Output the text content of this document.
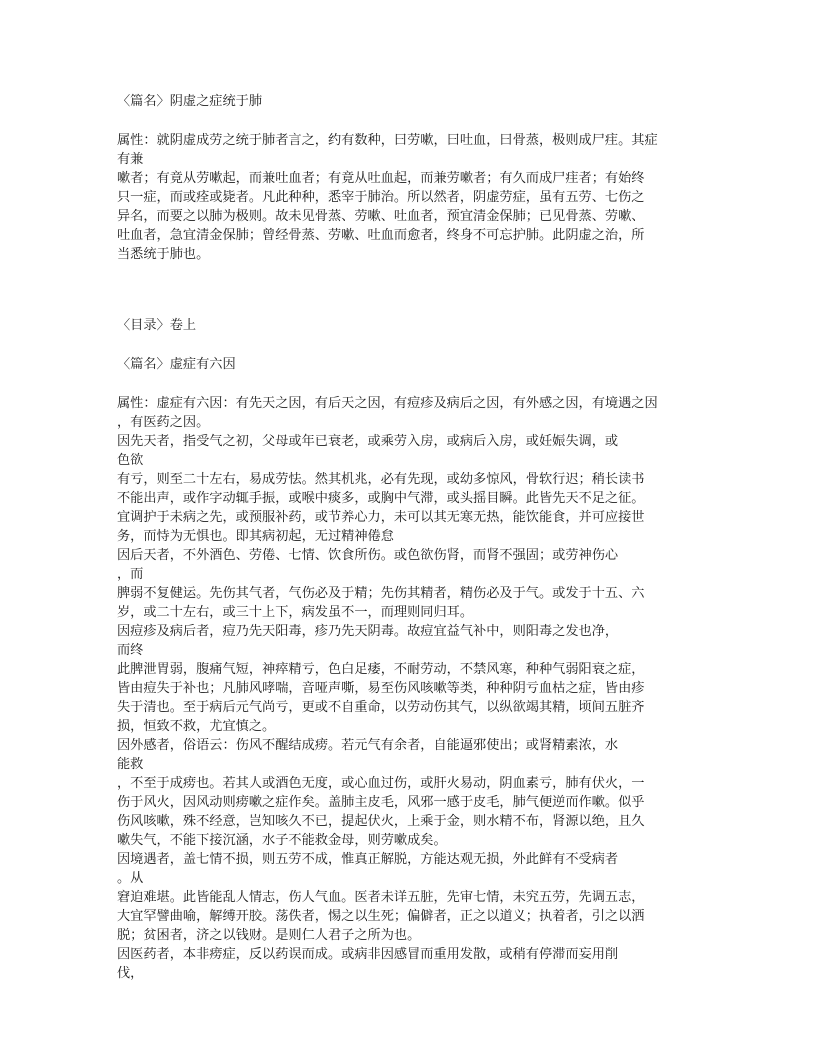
〈篇名〉阴虚之症统于肺
属性：就阴虚成劳之统于肺者言之，约有数种，曰劳嗽，曰吐血，曰骨蒸，极则成尸疰。其症
有兼
嗽者；有竟从劳嗽起，而兼吐血者；有竟从吐血起，而兼劳嗽者；有久而成尸疰者；有始终
只一症，而或痊或毙者。凡此种种，悉宰于肺治。所以然者，阴虚劳症，虽有五劳、七伤之
异名，而要之以肺为极则。故未见骨蒸、劳嗽、吐血者，预宜清金保肺；已见骨蒸、劳嗽、
吐血者，急宜清金保肺；曾经骨蒸、劳嗽、吐血而愈者，终身不可忘护肺。此阴虚之治，所
当悉统于肺也。
〈目录〉卷上
〈篇名〉虚症有六因
属性：虚症有六因：有先天之因，有后天之因，有痘疹及病后之因，有外感之因，有境遇之因
，有医药之因。
因先天者，指受气之初，父母或年已衰老，或乘劳入房，或病后入房，或妊娠失调，或
色欲
有亏，则至二十左右，易成劳怯。然其机兆，必有先现，或幼多惊风，骨软行迟；稍长读书
不能出声，或作字动辄手振，或喉中痰多，或胸中气滞，或头摇目瞬。此皆先天不足之征。
宜调护于未病之先，或预服补药，或节养心力，未可以其无寒无热，能饮能食，并可应接世
务，而恃为无惧也。即其病初起，无过精神倦怠
因后天者，不外酒色、劳倦、七情、饮食所伤。或色欲伤肾，而肾不强固；或劳神伤心
，而
脾弱不复健运。先伤其气者，气伤必及于精；先伤其精者，精伤必及于气。或发于十五、六
岁，或二十左右，或三十上下，病发虽不一，而理则同归耳。
因痘疹及病后者，痘乃先天阳毒，疹乃先天阴毒。故痘宜益气补中，则阳毒之发也净，
而终
此脾泄胃弱，腹痛气短，神瘁精亏，色白足痿，不耐劳动，不禁风寒，种种气弱阳衰之症，
皆由痘失于补也；凡肺风哮喘，音哑声嘶，易至伤风咳嗽等类，种种阴亏血枯之症，皆由疹
失于清也。至于病后元气尚亏，更或不自重命，以劳动伤其气，以纵欲竭其精，顷间五脏齐
损，恒致不救，尤宜慎之。
因外感者，俗语云：伤风不醒结成痨。若元气有余者，自能逼邪使出；或肾精素浓，水
能救
，不至于成痨也。若其人或酒色无度，或心血过伤，或肝火易动，阴血素亏，肺有伏火，一
伤于风火，因风动则痨嗽之症作矣。盖肺主皮毛，风邪一感于皮毛，肺气便逆而作嗽。似乎
伤风咳嗽，殊不经意，岂知咳久不已，提起伏火，上乘于金，则水精不布，肾源以绝，且久
嗽失气，不能下接沉涵，水子不能救金母，则劳嗽成矣。
因境遇者，盖七情不损，则五劳不成，惟真正解脱，方能达观无损，外此鲜有不受病者
。从
窘迫难堪。此皆能乱人情志，伤人气血。医者未详五脏，先审七情，未究五劳，先调五志，
大宜罕譬曲喻，解缚开胶。荡佚者，惕之以生死；偏僻者，正之以道义；执着者，引之以洒
脱；贫困者，济之以钱财。是则仁人君子之所为也。
因医药者，本非痨症，反以药误而成。或病非因感冒而重用发散，或稍有停滞而妄用削
伐，
